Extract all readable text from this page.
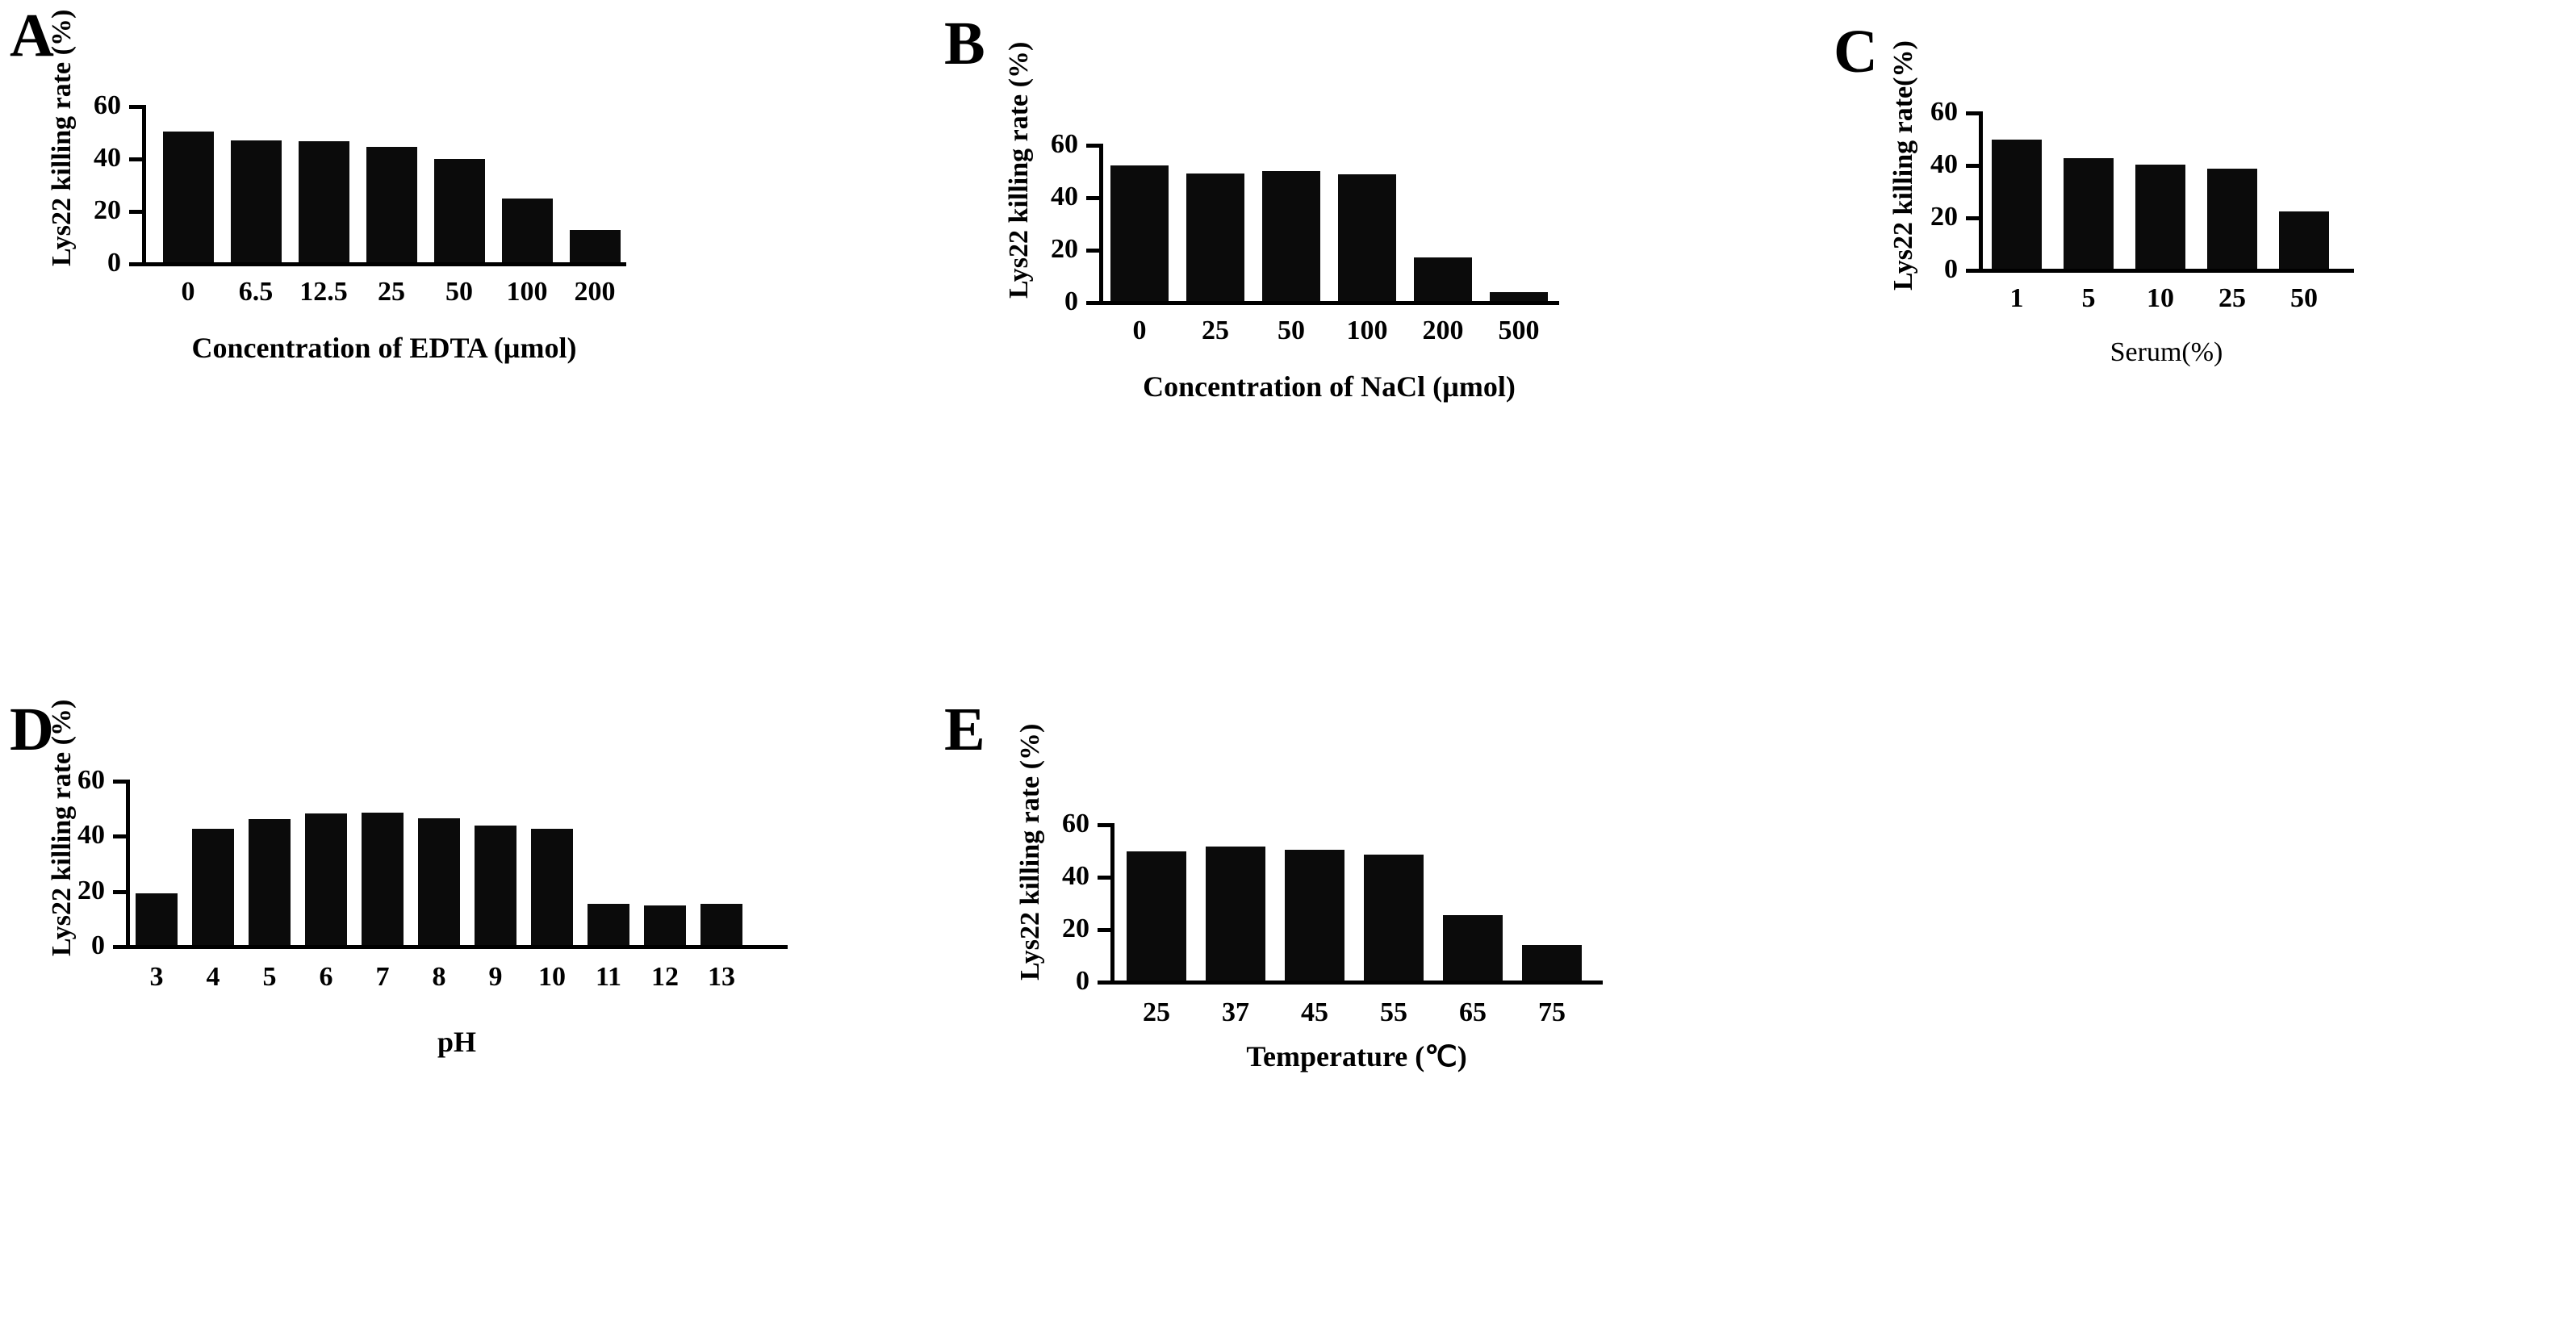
A
Lys22 killing rate (%) 60
40
20
0
0	6.5 12.5	25	50	100 200
Concentration of EDTA (µmol)
B Lys22 killing rate (%) 60
40
20
0
0	25	50	100	200	500
Concentration of NaCl (µmol)
C Lys22 killing rate(%) 60
40
20
0
1	5	10	25	50
Serum(%)
D
Lys22 killing rate (%) 60
40
20
0
3	4	5	6	7	8	9	10	11	12	13
pH
E Lys22 killing rate (%) 60
40
20
0
25	37	45	55	65	75
Temperature (℃)
